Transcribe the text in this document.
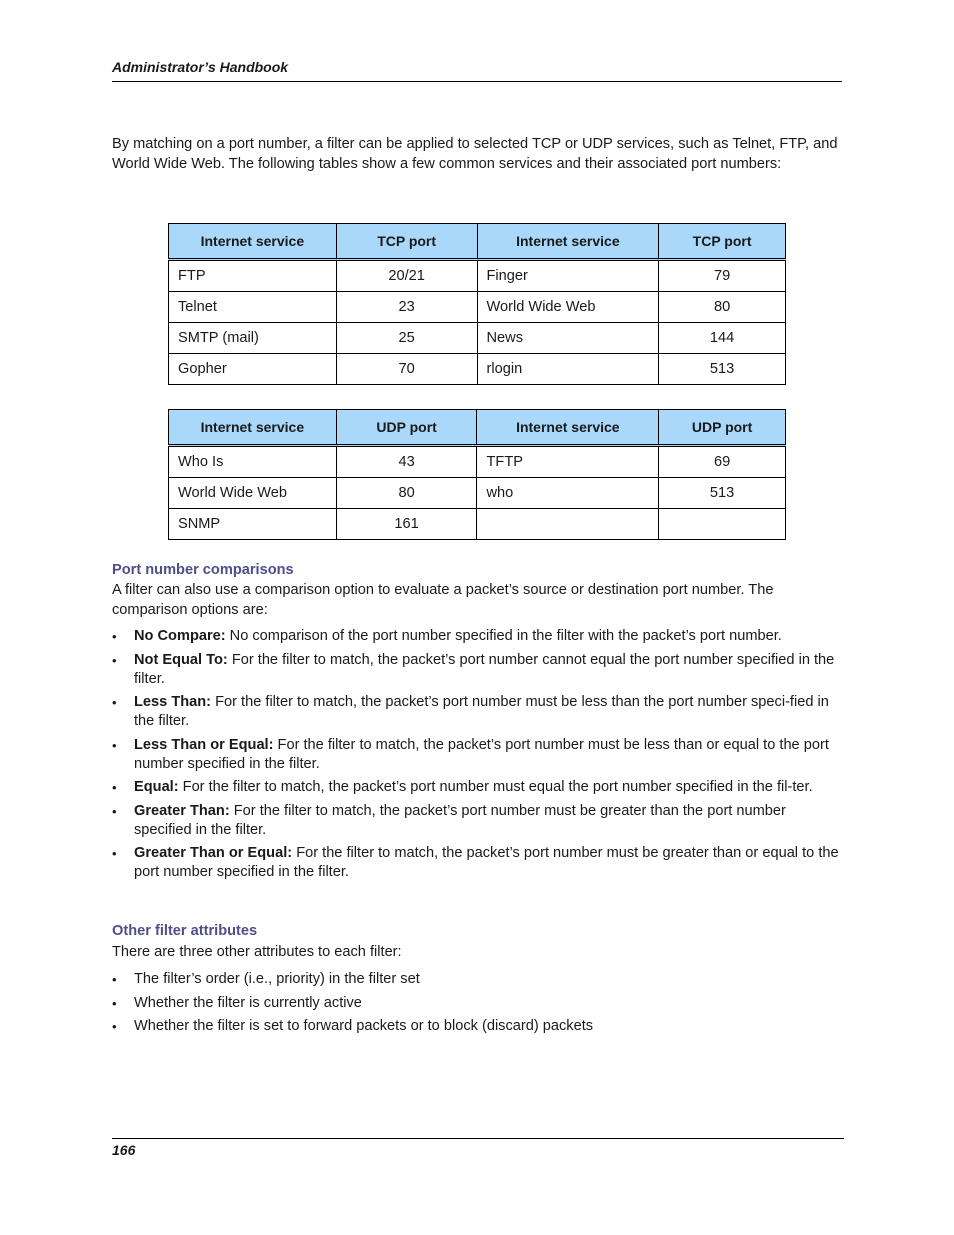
Administrator’s Handbook

By matching on a port number, a filter can be applied to selected TCP or UDP services, such as Telnet, FTP, and World Wide Web. The following tables show a few common services and their associated port numbers:

Internet service	TCP port	Internet service	TCP port
FTP	20/21	Finger	79
Telnet	23	World Wide Web	80
SMTP (mail)	25	News	144
Gopher	70	rlogin	513
Internet service	UDP port	Internet service	UDP port
Who Is	43	TFTP	69
World Wide Web	80	who	513
SNMP	161		
Port number comparisons

A filter can also use a comparison option to evaluate a packet’s source or destination port number. The comparison options are:

• No Compare: No comparison of the port number specified in the filter with the packet’s port number.
• Not Equal To: For the filter to match, the packet’s port number cannot equal the port number specified in the filter.
• Less Than: For the filter to match, the packet’s port number must be less than the port number speci-fied in the filter.
• Less Than or Equal: For the filter to match, the packet’s port number must be less than or equal to the port number specified in the filter.
• Equal: For the filter to match, the packet’s port number must equal the port number specified in the fil-ter.
• Greater Than: For the filter to match, the packet’s port number must be greater than the port number specified in the filter.
• Greater Than or Equal: For the filter to match, the packet’s port number must be greater than or equal to the port number specified in the filter.
Other filter attributes

There are three other attributes to each filter:

• The filter’s order (i.e., priority) in the filter set
• Whether the filter is currently active
• Whether the filter is set to forward packets or to block (discard) packets
166
